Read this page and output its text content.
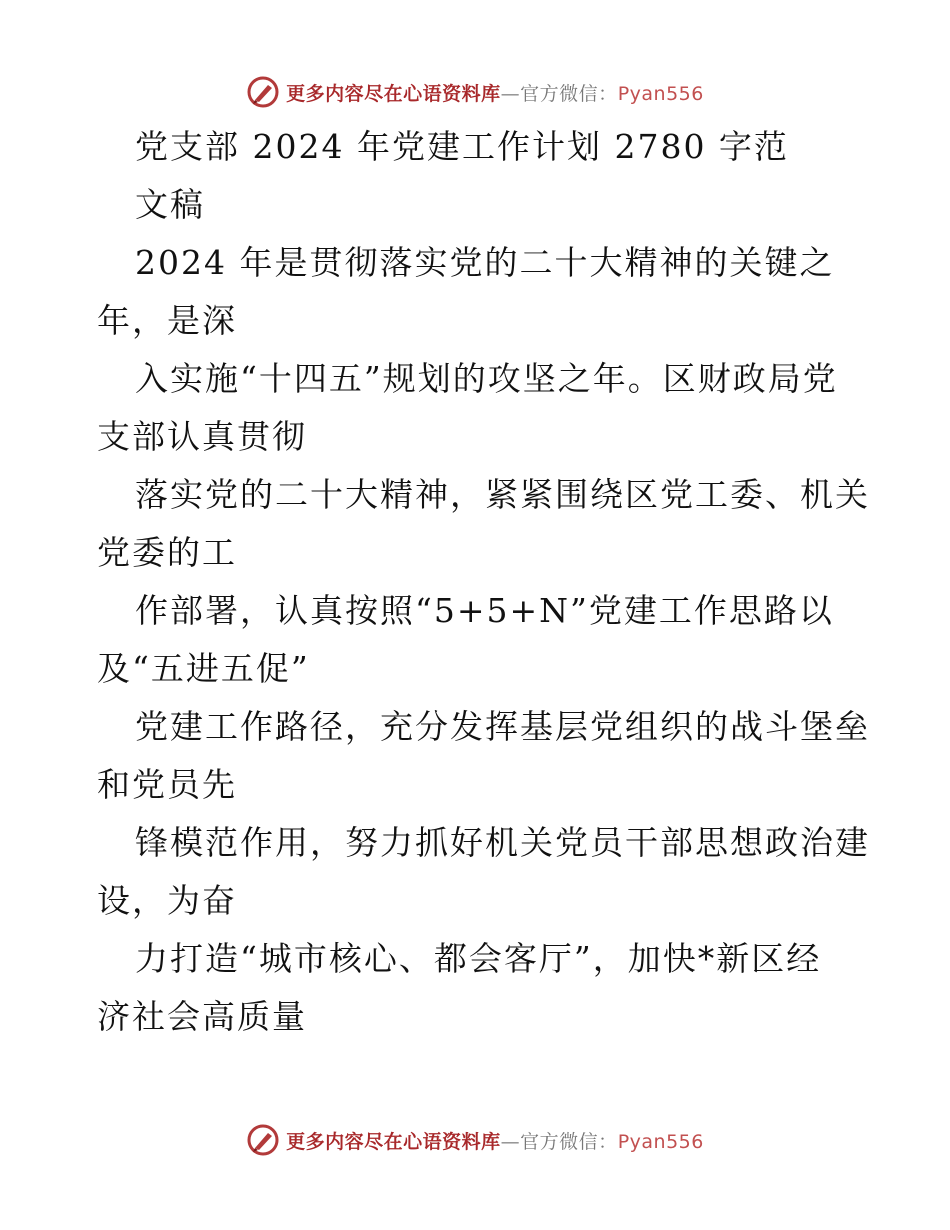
更多内容尽在心语资料库—官方微信：Pyan556
党支部 2024 年党建工作计划 2780 字范
文稿
2024 年是贯彻落实党的二十大精神的关键之
年，是深
入实施“十四五”规划的攻坚之年。区财政局党
支部认真贯彻
落实党的二十大精神，紧紧围绕区党工委、机关
党委的工
作部署，认真按照“5+5+N”党建工作思路以
及“五进五促”
党建工作路径，充分发挥基层党组织的战斗堡垒
和党员先
锋模范作用，努力抓好机关党员干部思想政治建
设，为奋
力打造“城市核心、都会客厅”，加快*新区经
济社会高质量
更多内容尽在心语资料库—官方微信：Pyan556
